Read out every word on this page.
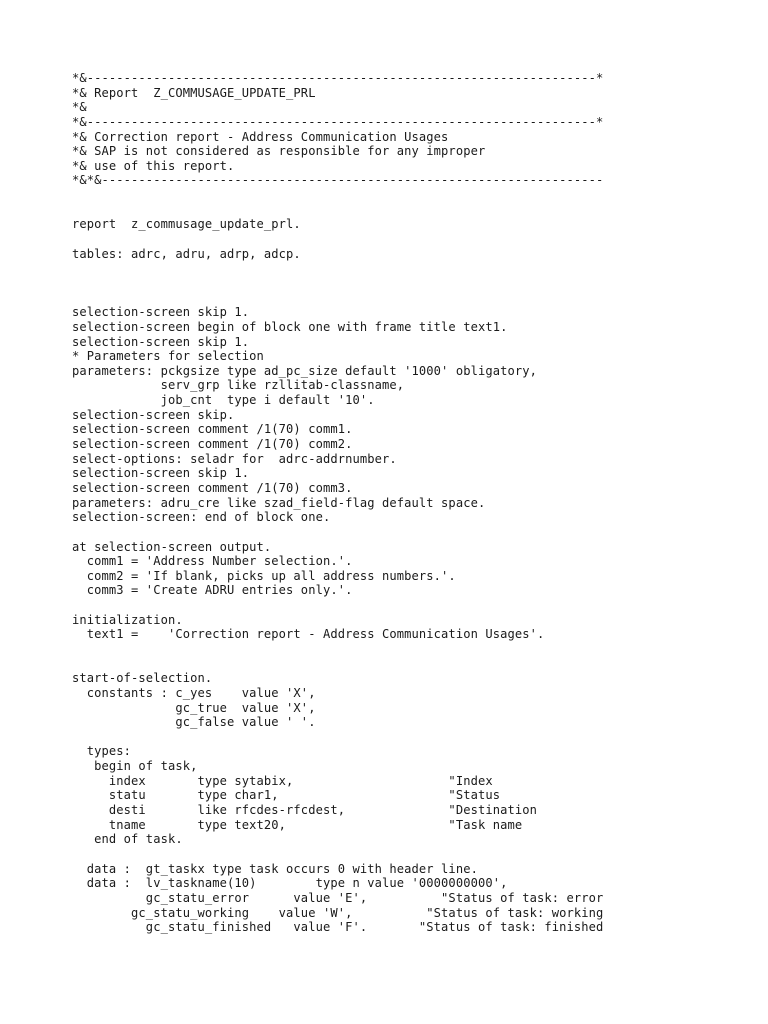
*&---------------------------------------------------------------------*
*& Report  Z_COMMUSAGE_UPDATE_PRL
*&
*&---------------------------------------------------------------------*
*& Correction report - Address Communication Usages
*& SAP is not considered as responsible for any improper
*& use of this report.
*&*&--------------------------------------------------------------------
report  z_commusage_update_prl.
tables: adrc, adru, adrp, adcp.
selection-screen skip 1.
selection-screen begin of block one with frame title text1.
selection-screen skip 1.
* Parameters for selection
parameters: pckgsize type ad_pc_size default '1000' obligatory,
serv_grp like rzllitab-classname,
job_cnt  type i default '10'.
selection-screen skip.
selection-screen comment /1(70) comm1.
selection-screen comment /1(70) comm2.
select-options: seladr for  adrc-addrnumber.
selection-screen skip 1.
selection-screen comment /1(70) comm3.
parameters: adru_cre like szad_field-flag default space.
selection-screen: end of block one.
at selection-screen output.
comm1 = 'Address Number selection.'.
comm2 = 'If blank, picks up all address numbers.'.
comm3 = 'Create ADRU entries only.'.
initialization.
text1 =    'Correction report - Address Communication Usages'.
start-of-selection.
constants : c_yes    value 'X',
gc_true  value 'X',
gc_false value ' '.
types:
begin of task,
index       type sytabix,                     "Index
statu       type char1,                       "Status
desti       like rfcdes-rfcdest,              "Destination
tname       type text20,                      "Task name
end of task.
data :  gt_taskx type task occurs 0 with header line.
data :  lv_taskname(10)        type n value '0000000000',
gc_statu_error      value 'E',          "Status of task: error
gc_statu_working    value 'W',          "Status of task: working
gc_statu_finished   value 'F'.       "Status of task: finished
